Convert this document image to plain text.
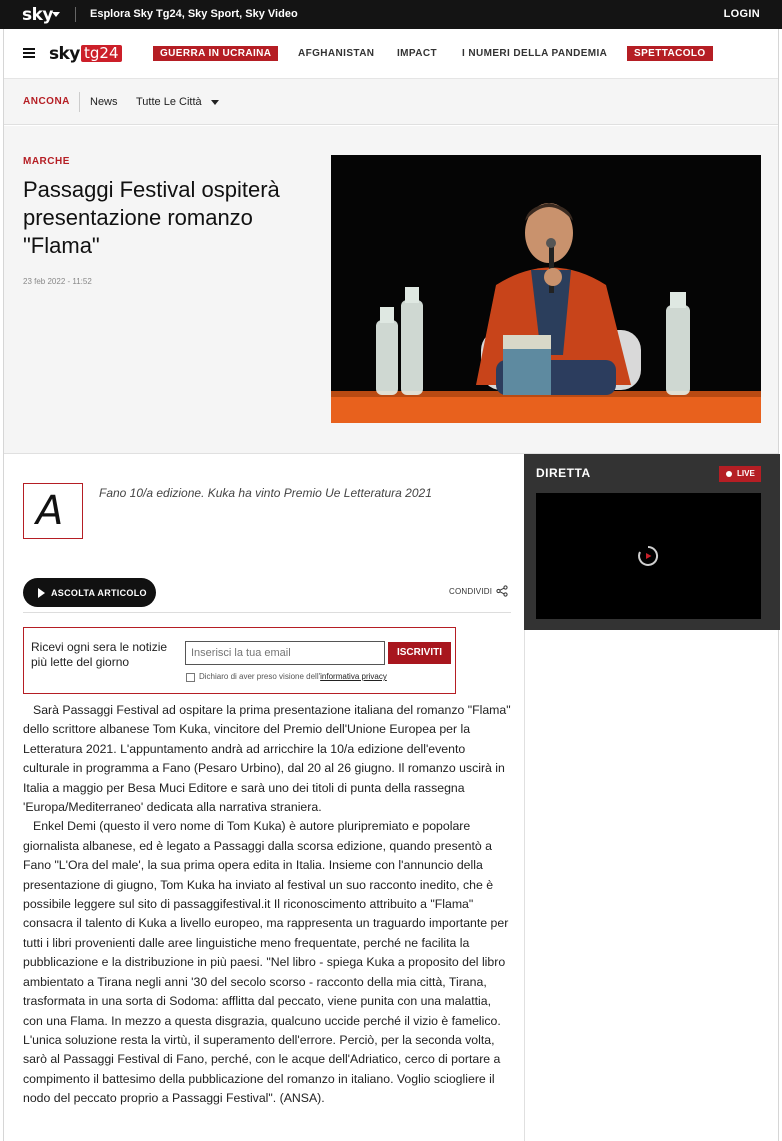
sky	Esplora Sky Tg24, Sky Sport, Sky Video	LOGIN
sky tg24	GUERRA IN UCRAINA	AFGHANISTAN IMPACT	I NUMERI DELLA PANDEMIA	SPETTACOLO
ANCONA News Tutte Le Città
MARCHE
Passaggi Festival ospiterà presentazione romanzo "Flama"
23 feb 2022 - 11:52
A	Fano 10/a edizione. Kuka ha vinto Premio Ue Letteratura 2021
ASCOLTA ARTICOLO	CONDIVIDI
Ricevi ogni sera le notizie più lette del giorno
Inserisci la tua email
ISCRIVITI
Dichiaro di aver preso visione dell'informativa privacy

Sarà Passaggi Festival ad ospitare la prima presentazione italiana del romanzo "Flama" dello scrittore albanese Tom Kuka, vincitore del Premio dell'Unione Europea per la Letteratura 2021. L'appuntamento andrà ad arricchire la 10/a edizione dell'evento culturale in programma a Fano (Pesaro Urbino), dal 20 al 26 giugno. Il romanzo uscirà in Italia a maggio per Besa Muci Editore e sarà uno dei titoli di punta della rassegna 'Europa/Mediterraneo' dedicata alla narrativa straniera.

Enkel Demi (questo il vero nome di Tom Kuka) è autore pluripremiato e popolare giornalista albanese, ed è legato a Passaggi dalla scorsa edizione, quando presentò a Fano "L'Ora del male', la sua prima opera edita in Italia. Insieme con l'annuncio della presentazione di giugno, Tom Kuka ha inviato al festival un suo racconto inedito, che è possibile leggere sul sito di passaggifestival.it Il riconoscimento attribuito a "Flama" consacra il talento di Kuka a livello europeo, ma rappresenta un traguardo importante per tutti i libri provenienti dalle aree linguistiche meno frequentate, perché ne facilita la pubblicazione e la distribuzione in più paesi. "Nel libro - spiega Kuka a proposito del libro ambientato a Tirana negli anni '30 del secolo scorso - racconto della mia città, Tirana, trasformata in una sorta di Sodoma: afflitta dal peccato, viene punita con una malattia, con una Flama. In mezzo a questa disgrazia, qualcuno uccide perché il vizio è famelico. L'unica soluzione resta la virtù, il superamento dell'errore. Perciò, per la seconda volta, sarò al Passaggi Festival di Fano, perché, con le acque dell'Adriatico, cerco di portare a compimento il battesimo della pubblicazione del romanzo in italiano. Voglio sciogliere il nodo del peccato proprio a Passaggi Festival". (ANSA).

DIRETTA	LIVE
